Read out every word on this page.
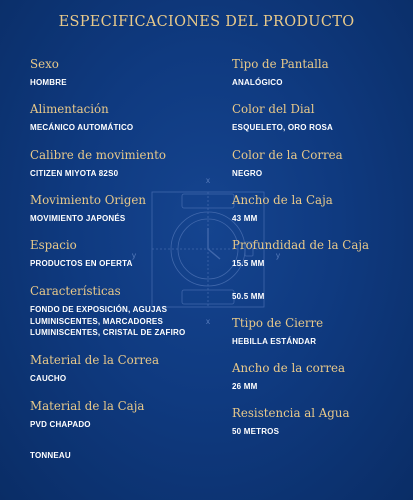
ESPECIFICACIONES DEL PRODUCTO
x
x
y	y
Sexo
HOMBRE
Alimentación
MECÁNICO AUTOMÁTICO
Calibre de movimiento
CITIZEN MIYOTA 82S0
Movimiento Origen
MOVIMIENTO JAPONÉS
Espacio
PRODUCTOS EN OFERTA
Características
FONDO DE EXPOSICIÓN, AGUJAS LUMINISCENTES, MARCADORES LUMINISCENTES, CRISTAL DE ZAFIRO
Material de la Correa
CAUCHO
Material de la Caja
PVD CHAPADO
TONNEAU
Tipo de Pantalla
ANALÓGICO
Color del Dial
ESQUELETO, ORO ROSA
Color de la Correa
NEGRO
Ancho de la Caja
43 MM
Profundidad de la Caja
15.5 MM
50.5 MM
Ttipo de Cierre
HEBILLA ESTÁNDAR
Ancho de la correa
26 MM
Resistencia al Agua
50 METROS
